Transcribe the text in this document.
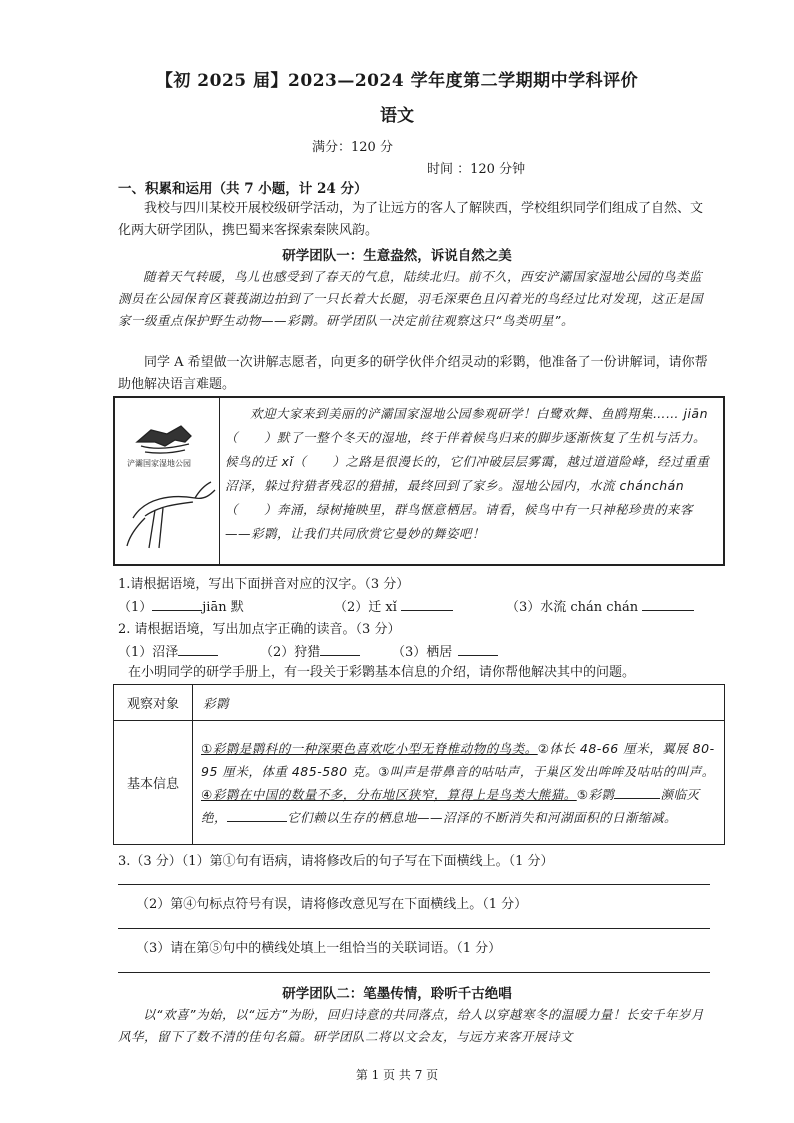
【初 2025 届】2023—2024 学年度第二学期期中学科评价
语文
满分：120 分
时间 ：120 分钟
一、积累和运用（共 7 小题，计 24 分）

我校与四川某校开展校级研学活动，为了让远方的客人了解陕西，学校组织同学们组成了自然、文化两大研学团队，携巴蜀来客探索秦陕风韵。

研学团队一：生意盎然，诉说自然之美

随着天气转暖，鸟儿也感受到了春天的气息，陆续北归。前不久，西安浐灞国家湿地公园的鸟类监测员在公园保育区蓑莪湖边拍到了一只长着大长腿，羽毛深栗色且闪着光的鸟经过比对发现，这正是国家一级重点保护野生动物——彩鹮。研学团队一决定前往观察这只“鸟类明星”。

同学 A 希望做一次讲解志愿者，向更多的研学伙伴介绍灵动的彩鹮，他准备了一份讲解词，请你帮助他解决语言难题。

浐灞国家湿地公园
欢迎大家来到美丽的浐灞国家湿地公园参观研学！白鹭欢舞、鱼鸥翔集…… jiān（　　）默了一整个冬天的湿地，终于伴着候鸟归来的脚步逐渐恢复了生机与活力。候鸟的迁 xǐ（　　）之路是很漫长的，它们冲破层层雾霭，越过道道险峰，经过重重沼泽，躲过狩猎者残忍的猎捕，最终回到了家乡。湿地公园内，水流 chánchán（　　）奔涌，绿树掩映里，群鸟惬意栖居。请看，候鸟中有一只神秘珍贵的来客——彩鹮，让我们共同欣赏它曼妙的舞姿吧！
1.请根据语境，写出下面拼音对应的汉字。（3 分）
（1）	jiān 默	（2）迁 xǐ	（3）水流 chán chán
2. 请根据语境，写出加点字正确的读音。（3 分）
（1）沼泽	（2）狩猎	（3）栖居

在小明同学的研学手册上，有一段关于彩鹮基本信息的介绍，请你帮他解决其中的问题。

观察对象	彩鹮
基本信息	①彩鹮是鹮科的一种深栗色喜欢吃小型无脊椎动物的鸟类。②体长 48-66 厘米，翼展 80-95 厘米，体重 485-580 克。③叫声是带鼻音的咕咕声，于巢区发出哞哞及咕咕的叫声。④彩鹮在中国的数量不多，分布地区狭窄，算得上是鸟类大熊猫。⑤彩鹮 濒临灭绝， 它们赖以生存的栖息地——沼泽的不断消失和河湖面积的日渐缩减。
3.（3 分）（1）第①句有语病，请将修改后的句子写在下面横线上。（1 分）
（2）第④句标点符号有误，请将修改意见写在下面横线上。（1 分）
（3）请在第⑤句中的横线处填上一组恰当的关联词语。（1 分）
研学团队二：笔墨传情，聆听千古绝唱

以“欢喜”为始，以“远方”为盼，回归诗意的共同落点，给人以穿越寒冬的温暖力量！长安千年岁月风华，留下了数不清的佳句名篇。研学团队二将以文会友，与远方来客开展诗文

第 1 页 共 7 页
